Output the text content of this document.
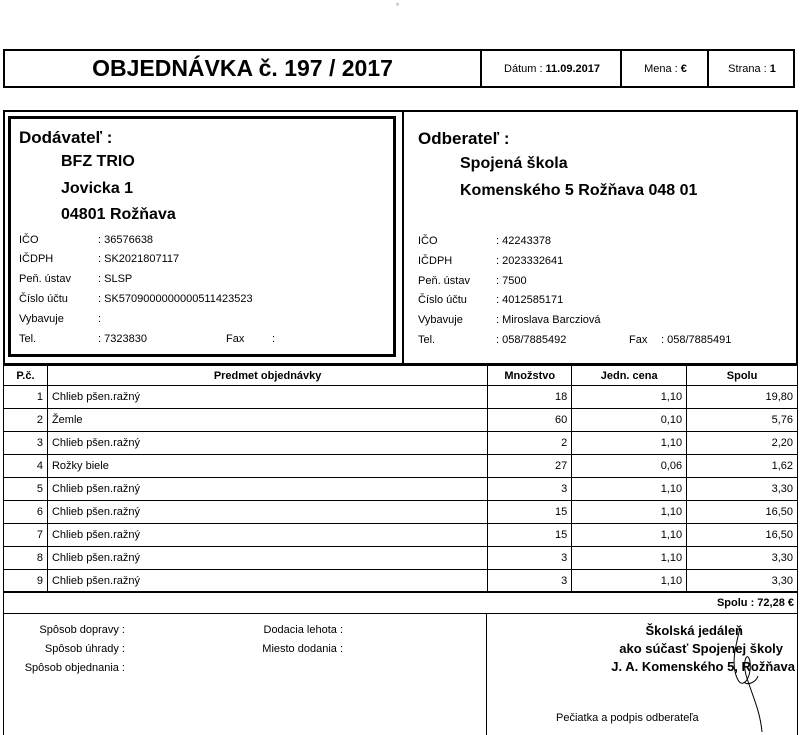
°
OBJEDNÁVKA č. 197 / 2017	Dátum : 11.09.2017	Mena : €	Strana : 1
Dodávateľ :
BFZ TRIO
Jovicka 1
04801 Rožňava
IČO	: 36576638
IČDPH	: SK2021807117
Peň. ústav : SLSP
Číslo účtu	: SK5709000000000511423523
Vybavuje	:
Tel.	: 7323830	Fax	:
Odberateľ :
Spojená škola
Komenského 5 Rožňava 048 01
IČO	: 42243378
IČDPH	: 2023332641
Peň. ústav : 7500
Číslo účtu	: 4012585171
Vybavuje	: Miroslava Barcziová
Tel.	: 058/7885492	Fax : 058/7885491
P.č.	Predmet objednávky	Množstvo	Jedn. cena	Spolu
1	Chlieb pšen.ražný	18	1,10	19,80
2	Žemle	60	0,10	5,76
3	Chlieb pšen.ražný	2	1,10	2,20
4	Rožky biele	27	0,06	1,62
5	Chlieb pšen.ražný	3	1,10	3,30
6	Chlieb pšen.ražný	15	1,10	16,50
7	Chlieb pšen.ražný	15	1,10	16,50
8	Chlieb pšen.ražný	3	1,10	3,30
9	Chlieb pšen.ražný	3	1,10	3,30
Spolu : 72,28 €
Spôsob dopravy :
Spôsob úhrady :
Spôsob objednania :
Dodacia lehota :
Miesto dodania :
Školská jedáleň
ako súčasť Spojenej školy
J. A. Komenského 5, Rožňava
Pečiatka a podpis odberateľa
